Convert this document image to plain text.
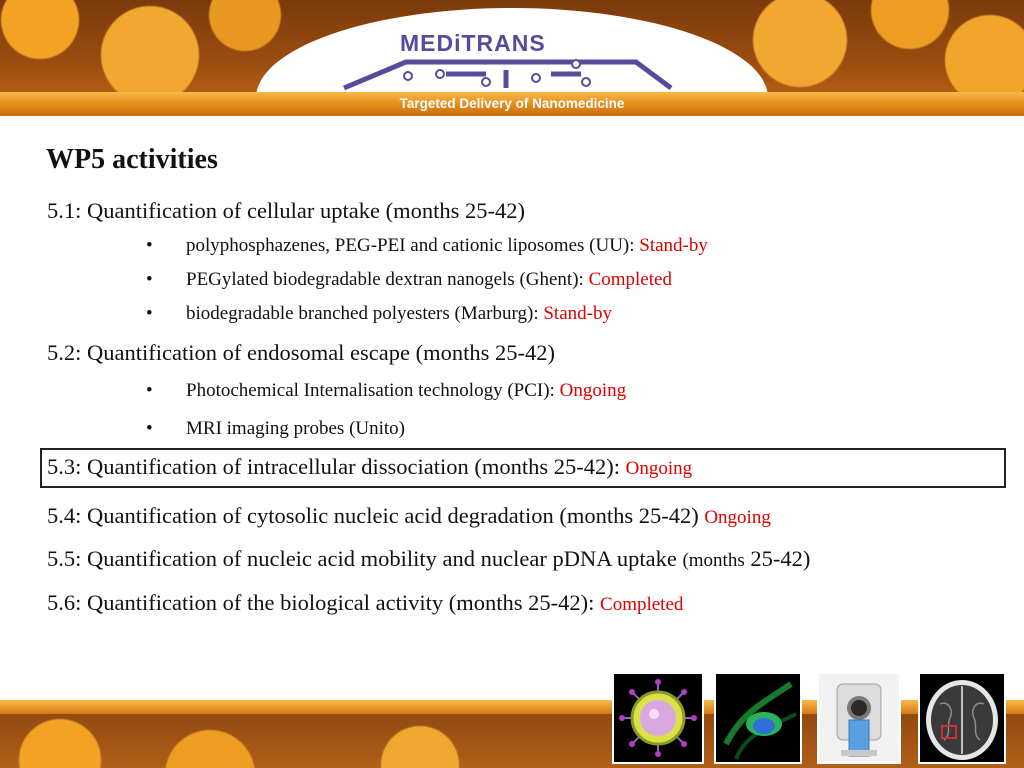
MEDiTRANS
Targeted Delivery of Nanomedicine
WP5 activities
5.1: Quantification of cellular uptake (months 25-42)
• polyphosphazenes, PEG-PEI and cationic liposomes (UU): Stand-by
• PEGylated biodegradable dextran nanogels (Ghent): Completed
• biodegradable branched polyesters (Marburg): Stand-by
5.2: Quantification of endosomal escape (months 25-42)
• Photochemical Internalisation technology (PCI): Ongoing
• MRI imaging probes (Unito)
5.3: Quantification of intracellular dissociation (months 25-42): Ongoing
5.4: Quantification of cytosolic nucleic acid degradation (months 25-42) Ongoing
5.5: Quantification of nucleic acid mobility and nuclear pDNA uptake (months 25-42)
5.6: Quantification of the biological activity (months 25-42): Completed
